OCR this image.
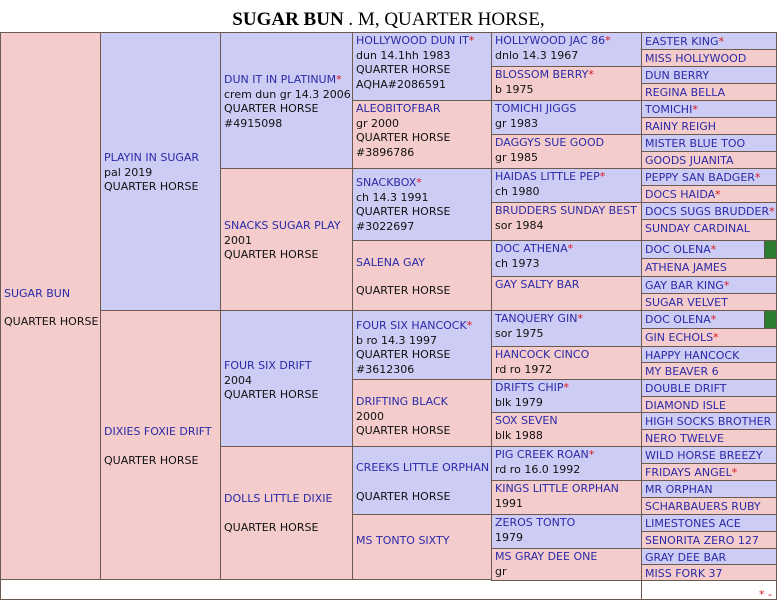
SUGAR BUN . M, QUARTER HORSE,
SUGAR BUN
QUARTER HORSE
PLAYIN IN SUGAR
pal 2019
QUARTER HORSE
DIXIES FOXIE DRIFT
QUARTER HORSE
DUN IT IN PLATINUM*
crem dun gr 14.3 2006
QUARTER HORSE
#4915098
SNACKS SUGAR PLAY
2001
QUARTER HORSE
FOUR SIX DRIFT
2004
QUARTER HORSE
DOLLS LITTLE DIXIE
QUARTER HORSE
HOLLYWOOD DUN IT*
dun 14.1hh 1983
QUARTER HORSE
AQHA#2086591
ALEOBITOFBAR
gr 2000
QUARTER HORSE
#3896786
SNACKBOX*
ch 14.3 1991
QUARTER HORSE
#3022697
SALENA GAY
QUARTER HORSE
FOUR SIX HANCOCK*
b ro 14.3 1997
QUARTER HORSE
#3612306
DRIFTING BLACK
2000
QUARTER HORSE
CREEKS LITTLE ORPHAN
QUARTER HORSE
MS TONTO SIXTY
* -
HOLLYWOOD JAC 86*
dnlo 14.3 1967
BLOSSOM BERRY*
b 1975
TOMICHI JIGGS
gr 1983
DAGGYS SUE GOOD
gr 1985
HAIDAS LITTLE PEP*
ch 1980
BRUDDERS SUNDAY BEST
sor 1984
DOC ATHENA*
ch 1973
GAY SALTY BAR
TANQUERY GIN*
sor 1975
HANCOCK CINCO
rd ro 1972
DRIFTS CHIP*
blk 1979
SOX SEVEN
blk 1988
PIG CREEK ROAN*
rd ro 16.0 1992
KINGS LITTLE ORPHAN
1991
ZEROS TONTO
1979
MS GRAY DEE ONE
gr
EASTER KING*
MISS HOLLYWOOD
DUN BERRY
REGINA BELLA
TOMICHI*
RAINY REIGH
MISTER BLUE TOO
GOODS JUANITA
PEPPY SAN BADGER*
DOCS HAIDA*
DOCS SUGS BRUDDER*
SUNDAY CARDINAL
DOC OLENA*
ATHENA JAMES
GAY BAR KING*
SUGAR VELVET
DOC OLENA*
GIN ECHOLS*
HAPPY HANCOCK
MY BEAVER 6
DOUBLE DRIFT
DIAMOND ISLE
HIGH SOCKS BROTHER
NERO TWELVE
WILD HORSE BREEZY
FRIDAYS ANGEL*
MR ORPHAN
SCHARBAUERS RUBY
LIMESTONES ACE
SENORITA ZERO 127
GRAY DEE BAR
MISS FORK 37
